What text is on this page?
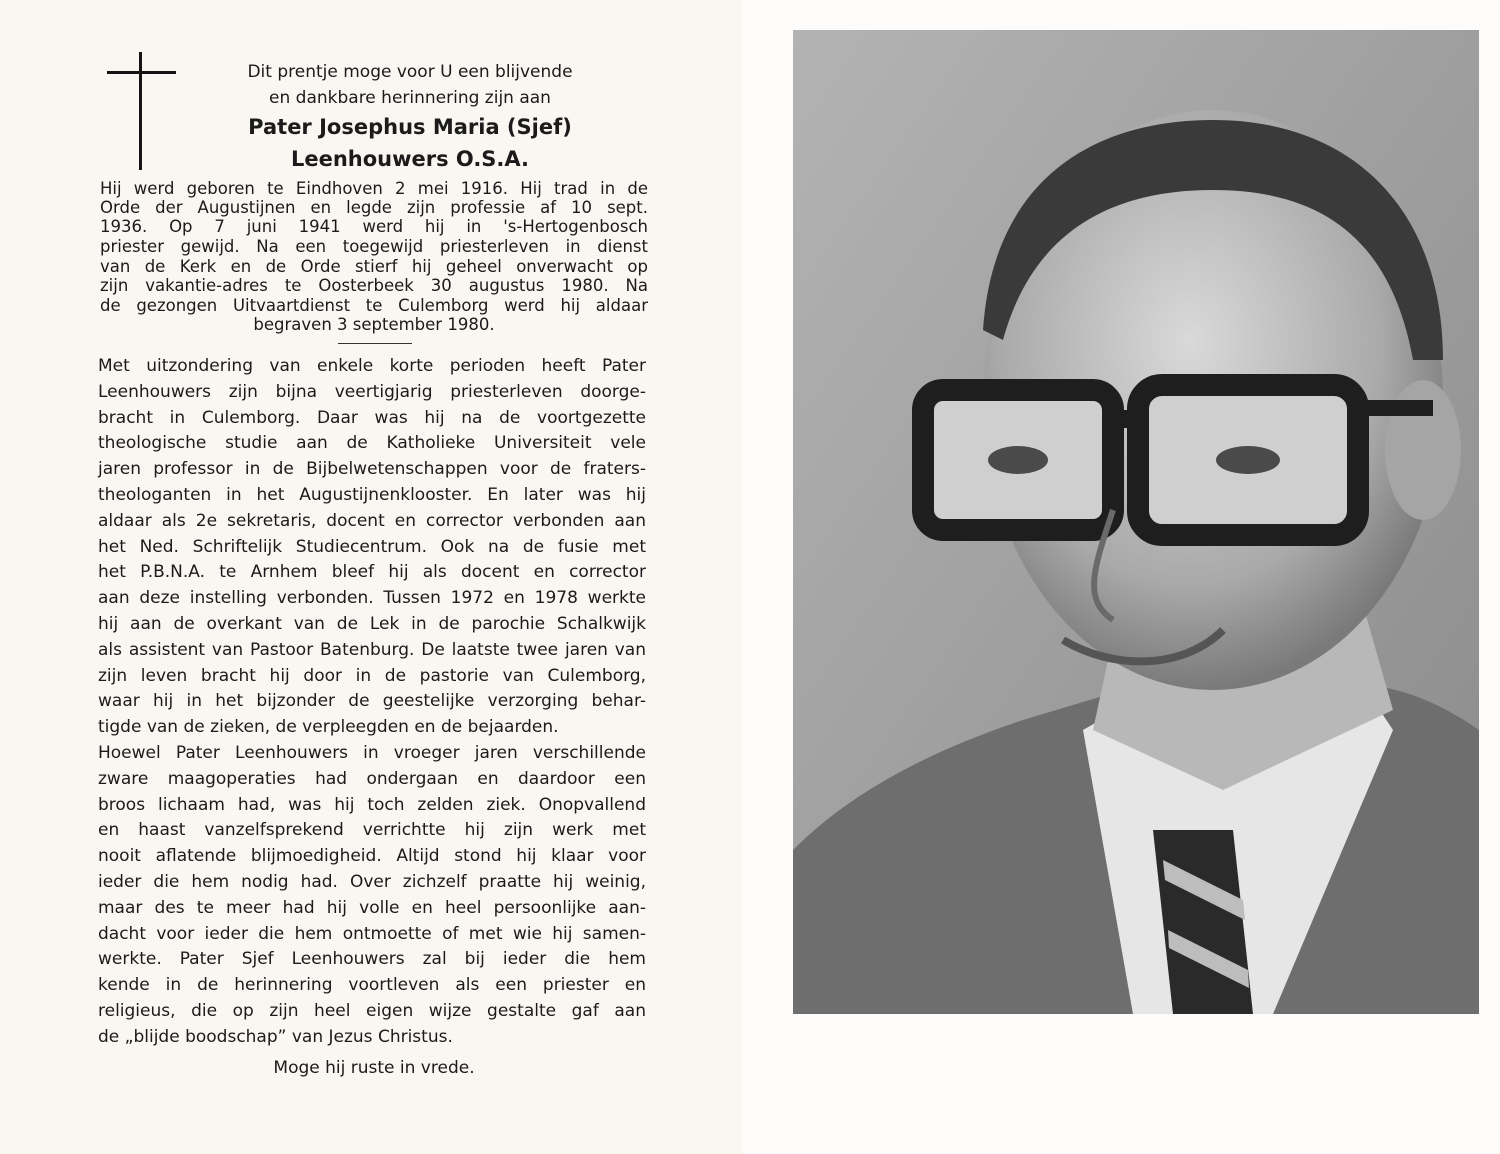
Dit prentje moge voor U een blijvende
en dankbare herinnering zijn aan
Pater Josephus Maria (Sjef)
Leenhouwers O.S.A.
Hij werd geboren te Eindhoven 2 mei 1916. Hij trad in de
Orde der Augustijnen en legde zijn professie af 10 sept.
1936. Op 7 juni 1941 werd hij in 's-Hertogenbosch
priester gewijd. Na een toegewijd priesterleven in dienst
van de Kerk en de Orde stierf hij geheel onverwacht op
zijn vakantie-adres te Oosterbeek 30 augustus 1980. Na
de gezongen Uitvaartdienst te Culemborg werd hij aldaar
begraven 3 september 1980.
Met uitzondering van enkele korte perioden heeft Pater
Leenhouwers zijn bijna veertigjarig priesterleven doorge-
bracht in Culemborg. Daar was hij na de voortgezette
theologische studie aan de Katholieke Universiteit vele
jaren professor in de Bijbelwetenschappen voor de fraters-
theologanten in het Augustijnenklooster. En later was hij
aldaar als 2e sekretaris, docent en corrector verbonden aan
het Ned. Schriftelijk Studiecentrum. Ook na de fusie met
het P.B.N.A. te Arnhem bleef hij als docent en corrector
aan deze instelling verbonden. Tussen 1972 en 1978 werkte
hij aan de overkant van de Lek in de parochie Schalkwijk
als assistent van Pastoor Batenburg. De laatste twee jaren van
zijn leven bracht hij door in de pastorie van Culemborg,
waar hij in het bijzonder de geestelijke verzorging behar-
tigde van de zieken, de verpleegden en de bejaarden.
Hoewel Pater Leenhouwers in vroeger jaren verschillende
zware maagoperaties had ondergaan en daardoor een
broos lichaam had, was hij toch zelden ziek. Onopvallend
en haast vanzelfsprekend verrichtte hij zijn werk met
nooit aflatende blijmoedigheid. Altijd stond hij klaar voor
ieder die hem nodig had. Over zichzelf praatte hij weinig,
maar des te meer had hij volle en heel persoonlijke aan-
dacht voor ieder die hem ontmoette of met wie hij samen-
werkte. Pater Sjef Leenhouwers zal bij ieder die hem
kende in de herinnering voortleven als een priester en
religieus, die op zijn heel eigen wijze gestalte gaf aan
de „blijde boodschap” van Jezus Christus.
Moge hij ruste in vrede.
